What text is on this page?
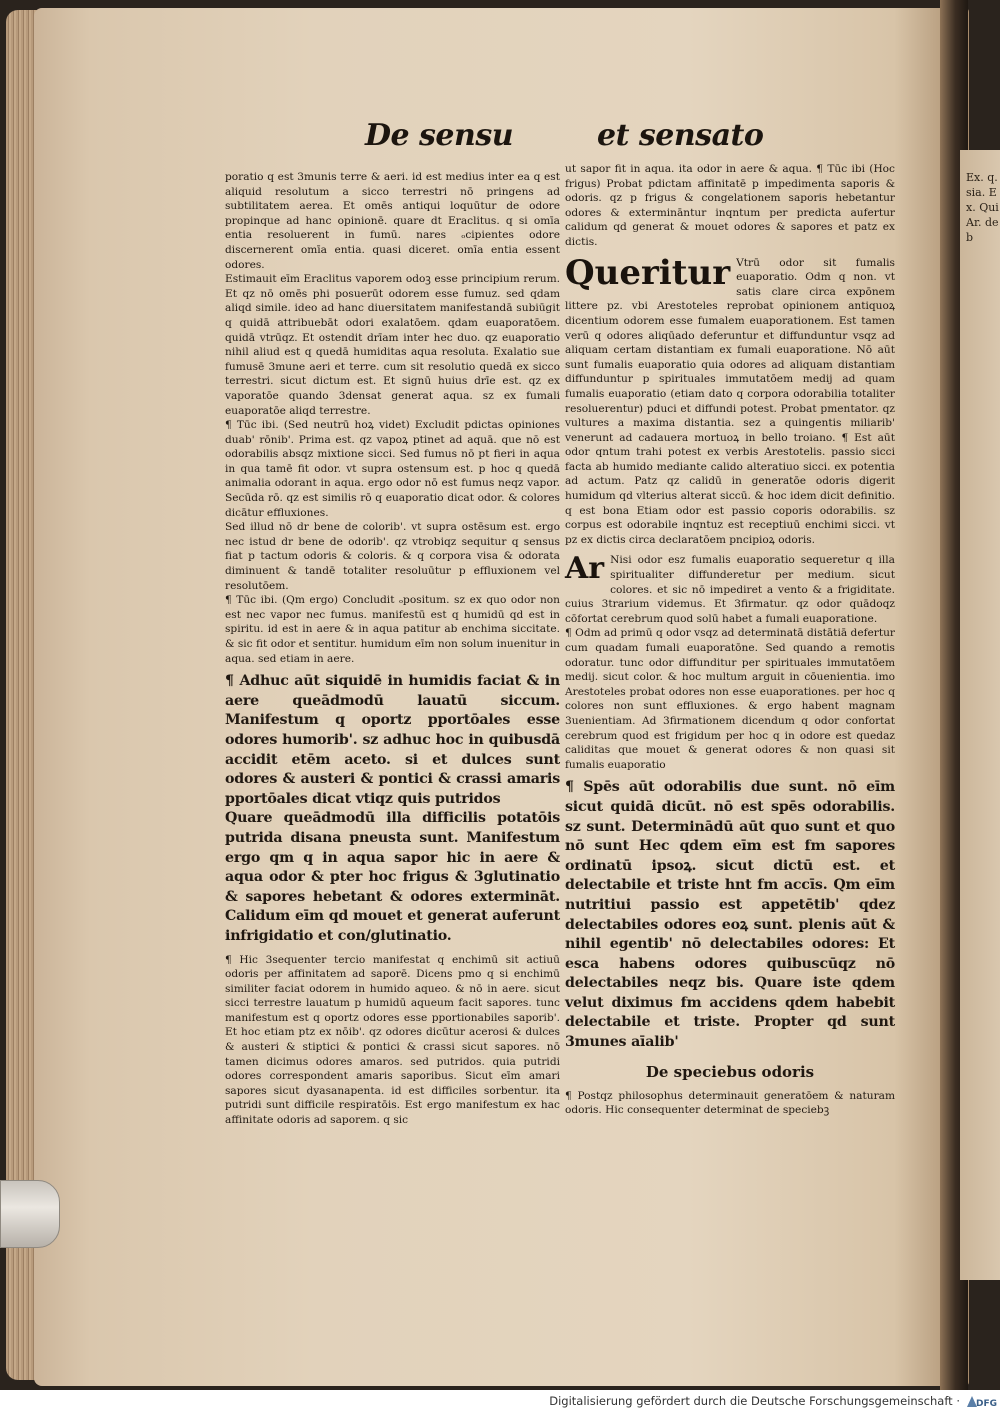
Ex. q. sia. Ex. Qui Ar. deb
De sensu	et sensato

poratio q est 3munis terre & aeri. id est medius inter ea q est aliquid resolutum a sicco terrestri nō pringens ad subtilitatem aerea. Et omēs antiqui loquūtur de odore propinque ad hanc opinionē. quare dt Eraclitus. q si omīa entia resoluerent in fumū. nares ₒcipientes odore discernerent omīa entia. quasi diceret. omīa entia essent odores.

Estimauit eīm Eraclitus vaporem odoꝫ esse principium rerum. Et qz nō omēs phi posuerūt odorem esse fumuz. sed qdam aliqd simile. ideo ad hanc diuersitatem manifestandā subiūgit q quidā attribuebāt odori exalatōem. qdam euaporatōem. quidā vtrūqz. Et ostendit drīam inter hec duo. qz euaporatio nihil aliud est q quedā humiditas aqua resoluta. Exalatio sue fumusē 3mune aeri et terre. cum sit resolutio quedā ex sicco terrestri. sicut dictum est. Et signū huius drīe est. qz ex vaporatōe quando 3densat generat aqua. sz ex fumali euaporatōe aliqd terrestre.

¶ Tūc ibi. (Sed neutrū hoꝝ videt) Excludit pdictas opiniones duab' rōnib'. Prima est. qz vapoꝝ ptinet ad aquā. que nō est odorabilis absqz mixtione sicci. Sed fumus nō pt fieri in aqua in qua tamē fit odor. vt supra ostensum est. p hoc q quedā animalia odorant in aqua. ergo odor nō est fumus neqz vapor. Secūda rō. qz est similis rō q euaporatio dicat odor. & colores dicātur effluxiones.

Sed illud nō dr bene de colorib'. vt supra ostēsum est. ergo nec istud dr bene de odorib'. qz vtrobiqz sequitur q sensus fiat p tactum odoris & coloris. & q corpora visa & odorata diminuent & tandē totaliter resoluūtur p effluxionem vel resolutōem.

¶ Tūc ibi. (Qm ergo) Concludit ₒpositum. sz ex quo odor non est nec vapor nec fumus. manifestū est q humidū qd est in spiritu. id est in aere & in aqua patitur ab enchima siccitate. & sic fit odor et sentitur. humidum eīm non solum inuenitur in aqua. sed etiam in aere.

¶ Adhuc aūt siquidē in humidis faciat & in aere queādmodū lauatū siccum. Manifestum q oportz pportōales esse odores humorib'. sz adhuc hoc in quibusdā accidit etēm aceto. si et dulces sunt odores & austeri & pontici & crassi amaris pportōales dicat vtiqz quis putridos

Quare queādmodū illa difficilis potatōis putrida disana pneusta sunt. Manifestum ergo qm q in aqua sapor hic in aere & aqua odor & pter hoc frigus & 3glutinatio & sapores hebetant & odores extermināt. Calidum eīm qd mouet et generat auferunt infrigidatio et con/glutinatio.

¶ Hic 3sequenter tercio manifestat q enchimū sit actiuū odoris per affinitatem ad saporē. Dicens pmo q si enchimū similiter faciat odorem in humido aqueo. & nō in aere. sicut sicci terrestre lauatum p humidū aqueum facit sapores. tunc manifestum est q oportz odores esse pportionabiles saporib'. Et hoc etiam ptz ex nōib'. qz odores dicūtur acerosi & dulces & austeri & stiptici & pontici & crassi sicut sapores. nō tamen dicimus odores amaros. sed putridos. quia putridi odores correspondent amaris saporibus. Sicut eīm amari sapores sicut dyasanapenta. id est difficiles sorbentur. ita putridi sunt difficile respiratōis. Est ergo manifestum ex hac affinitate odoris ad saporem. q sic

ut sapor fit in aqua. ita odor in aere & aqua. ¶ Tūc ibi (Hoc frigus) Probat pdictam affinitatē p impedimenta saporis & odoris. qz p frigus & congelationem saporis hebetantur odores & extermināntur inqntum per predicta aufertur calidum qd generat & mouet odores & sapores et patz ex dictis.

Queritur Vtrū odor sit fumalis euaporatio. Odm q non. vt satis clare circa expōnem littere pz. vbi Arestoteles reprobat opinionem antiquoꝝ dicentium odorem esse fumalem euaporationem. Est tamen verū q odores aliqūado deferuntur et diffunduntur vsqz ad aliquam certam distantiam ex fumali euaporatione. Nō aūt sunt fumalis euaporatio quia odores ad aliquam distantiam diffunduntur p spirituales immutatōem medij ad quam fumalis euaporatio (etiam dato q corpora odorabilia totaliter resoluerentur) pduci et diffundi potest. Probat pmentator. qz vultures a maxima distantia. sez a quingentis miliarib' venerunt ad cadauera mortuoꝝ in bello troiano. ¶ Est aūt odor qntum trahi potest ex verbis Arestotelis. passio sicci facta ab humido mediante calido alteratiuo sicci. ex potentia ad actum. Patz qz calidū in generatōe odoris digerit humidum qd vlterius alterat siccū. & hoc idem dicit definitio. q est bona Etiam odor est passio coporis odorabilis. sz corpus est odorabile inqntuz est receptiuū enchimi sicci. vt pz ex dictis circa declaratōem pncipioꝝ odoris.

Ar Nisi odor esz fumalis euaporatio sequeretur q illa spiritualiter diffunderetur per medium. sicut colores. et sic nō impediret a vento & a frigiditate. cuius 3trarium videmus. Et 3firmatur. qz odor quādoqz cōfortat cerebrum quod solū habet a fumali euaporatione.

¶ Odm ad primū q odor vsqz ad determinatā distātiā defertur cum quadam fumali euaporatōne. Sed quando a remotis odoratur. tunc odor diffunditur per spirituales immutatōem medij. sicut color. & hoc multum arguit in cōuenientia. imo Arestoteles probat odores non esse euaporationes. per hoc q colores non sunt effluxiones. & ergo habent magnam 3uenientiam. Ad 3firmationem dicendum q odor confortat cerebrum quod est frigidum per hoc q in odore est quedaz caliditas que mouet & generat odores & non quasi sit fumalis euaporatio

¶ Spēs aūt odorabilis due sunt. nō eīm sicut quidā dicūt. nō est spēs odorabilis. sz sunt. Determinādū aūt quo sunt et quo nō sunt Hec qdem eīm est fm sapores ordinatū ipsoꝝ. sicut dictū est. et delectabile et triste hnt fm accīs. Qm eīm nutritiui passio est appetētib' qdez delectabiles odores eoꝝ sunt. plenis aūt & nihil egentib' nō delectabiles odores: Et esca habens odores quibuscūqz nō delectabiles neqz bis. Quare iste qdem velut diximus fm accidens qdem habebit delectabile et triste. Propter qd sunt 3munes aīalib'

De speciebus odoris

¶ Postqz philosophus determinauit generatōem & naturam odoris. Hic consequenter determinat de speciebꝫ

Digitalisierung gefördert durch die Deutsche Forschungsgemeinschaft · DFG
